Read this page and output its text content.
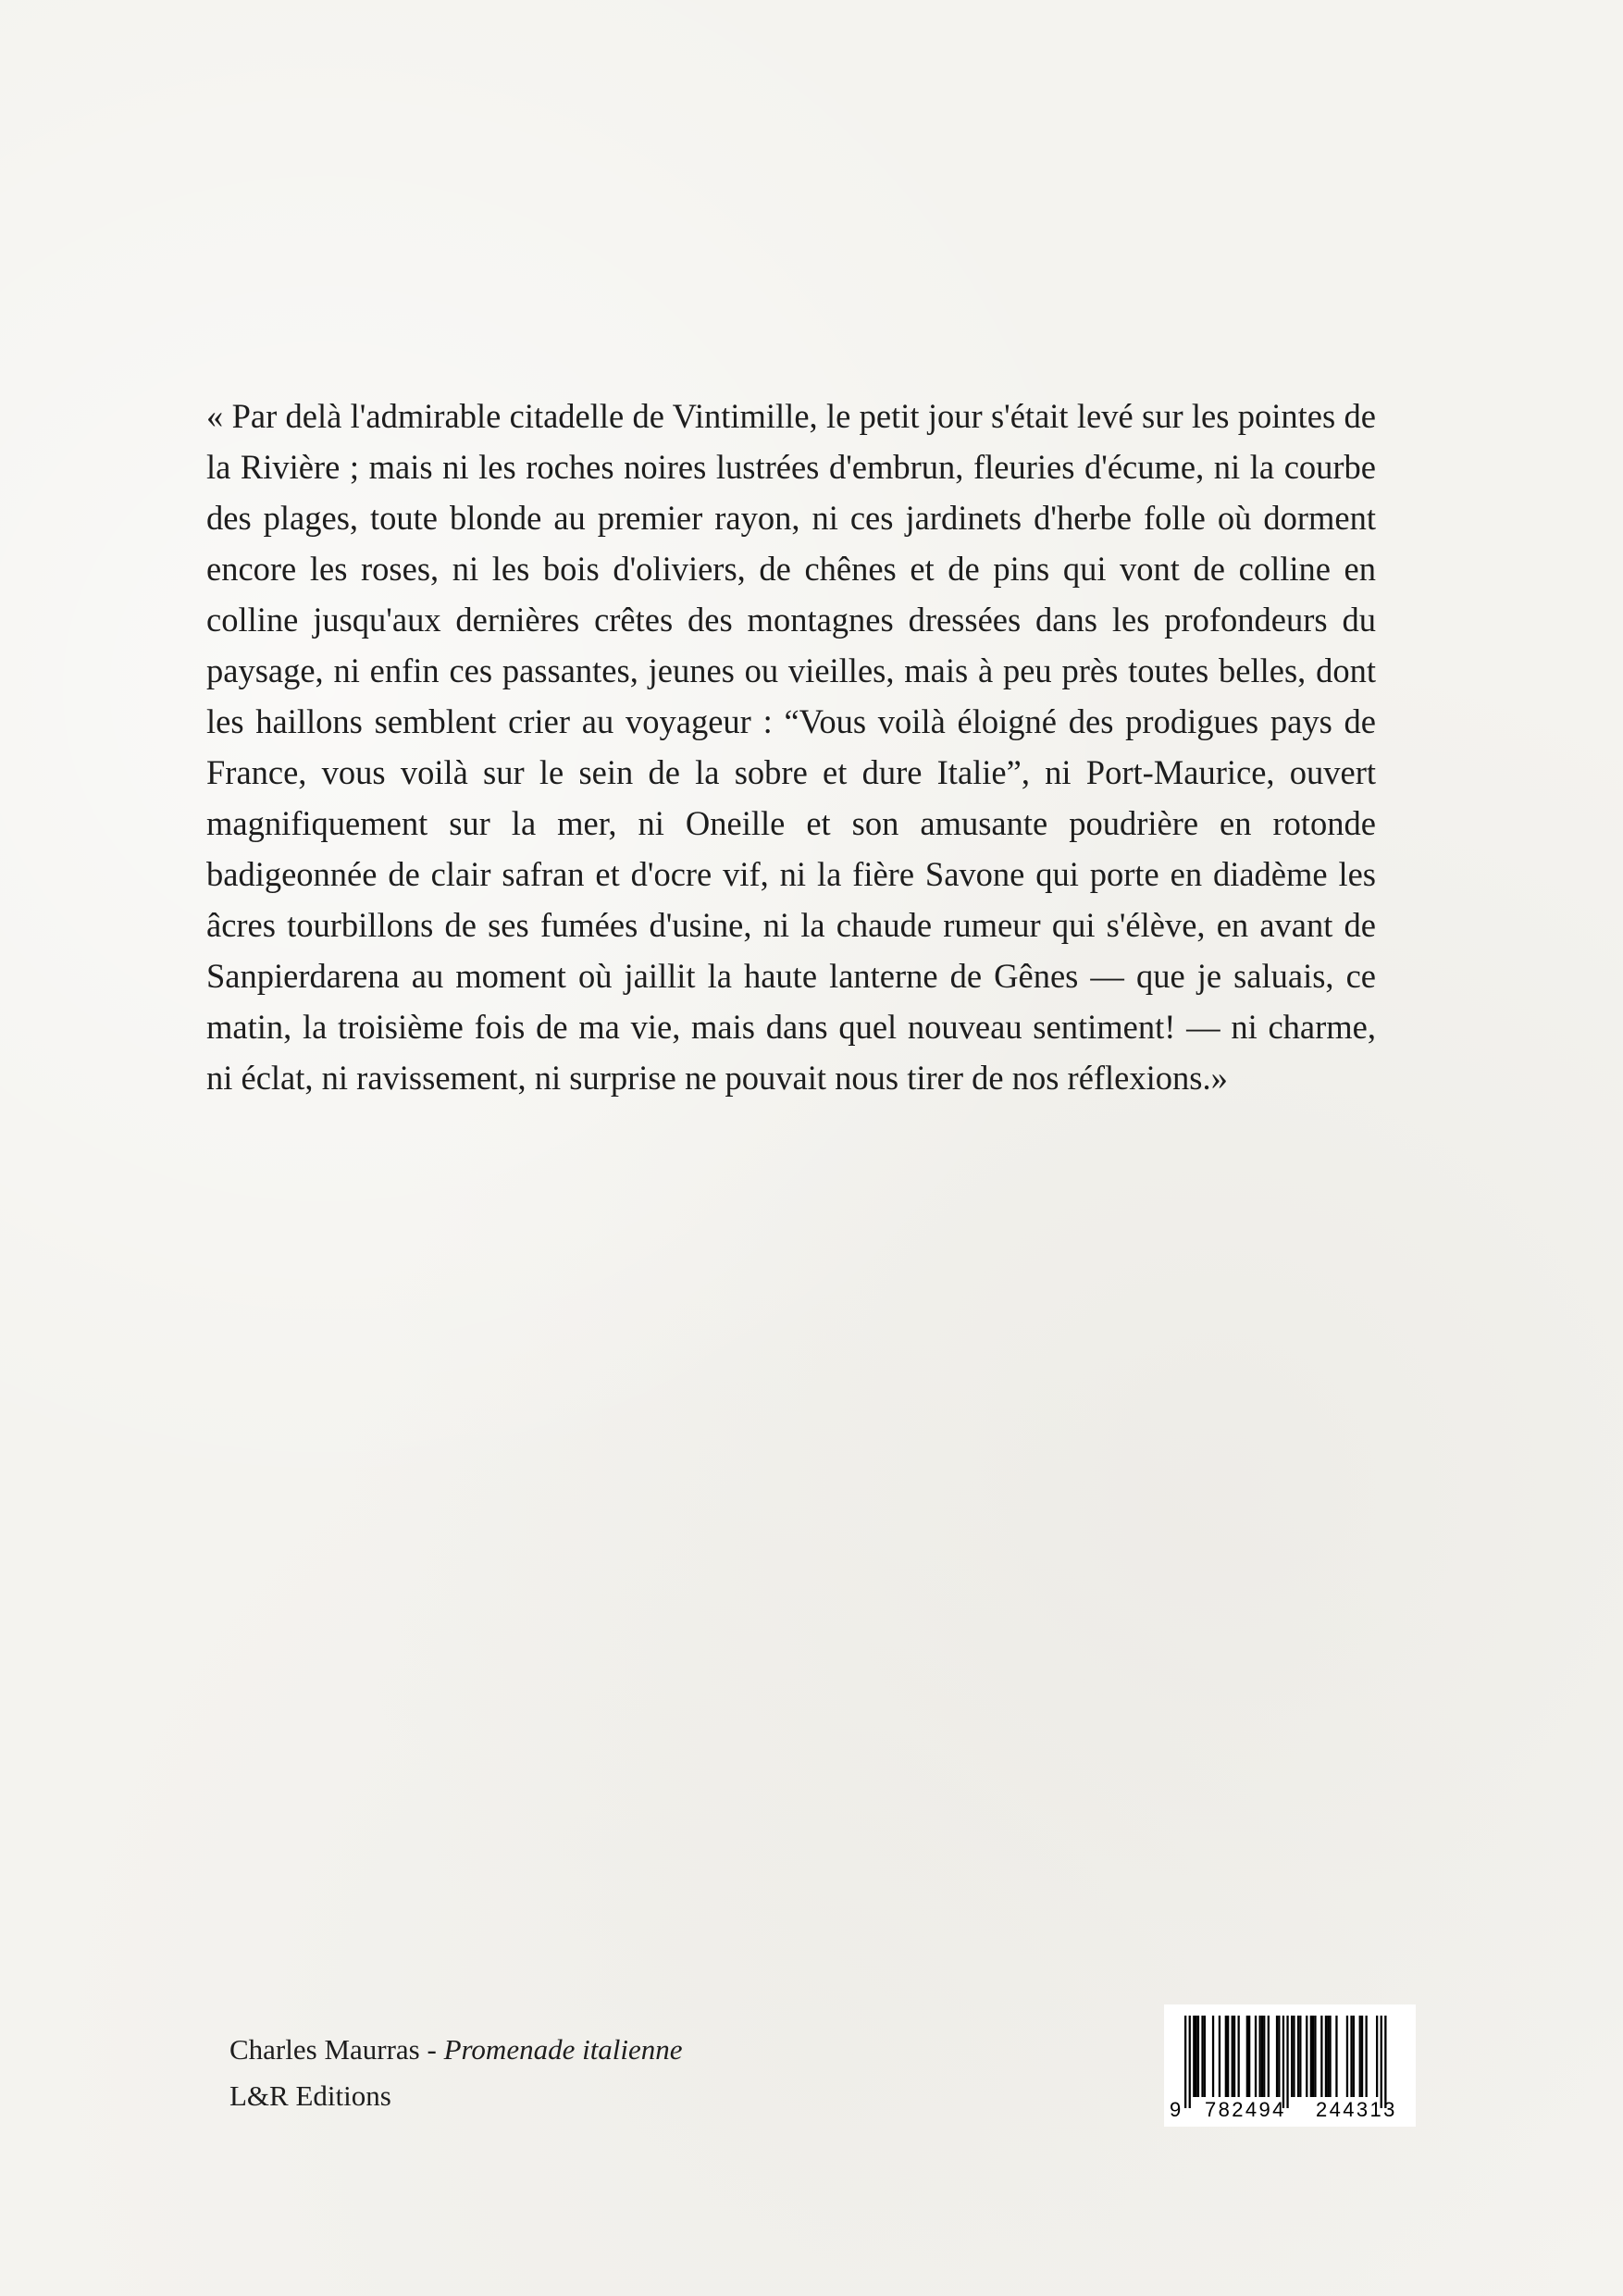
« Par delà l'admirable citadelle de Vintimille, le petit jour s'était levé sur les pointes de la Rivière ; mais ni les roches noires lustrées d'embrun, fleuries d'écume, ni la courbe des plages, toute blonde au premier rayon, ni ces jardinets d'herbe folle où dorment encore les roses, ni les bois d'oliviers, de chênes et de pins qui vont de colline en colline jusqu'aux dernières crêtes des montagnes dressées dans les profondeurs du paysage, ni enfin ces passantes, jeunes ou vieilles, mais à peu près toutes belles, dont les haillons semblent crier au voyageur : “Vous voilà éloigné des prodigues pays de France, vous voilà sur le sein de la sobre et dure Italie”, ni Port-Maurice, ouvert magnifiquement sur la mer, ni Oneille et son amusante poudrière en rotonde badigeonnée de clair safran et d'ocre vif, ni la fière Savone qui porte en diadème les âcres tourbillons de ses fumées d'usine, ni la chaude rumeur qui s'élève, en avant de Sanpierdarena au moment où jaillit la haute lanterne de Gênes — que je saluais, ce matin, la troisième fois de ma vie, mais dans quel nouveau sentiment! — ni charme, ni éclat, ni ravissement, ni surprise ne pouvait nous tirer de nos réflexions.»

Charles Maurras - Promenade italienne
L&R Editions	9 782494 244313
